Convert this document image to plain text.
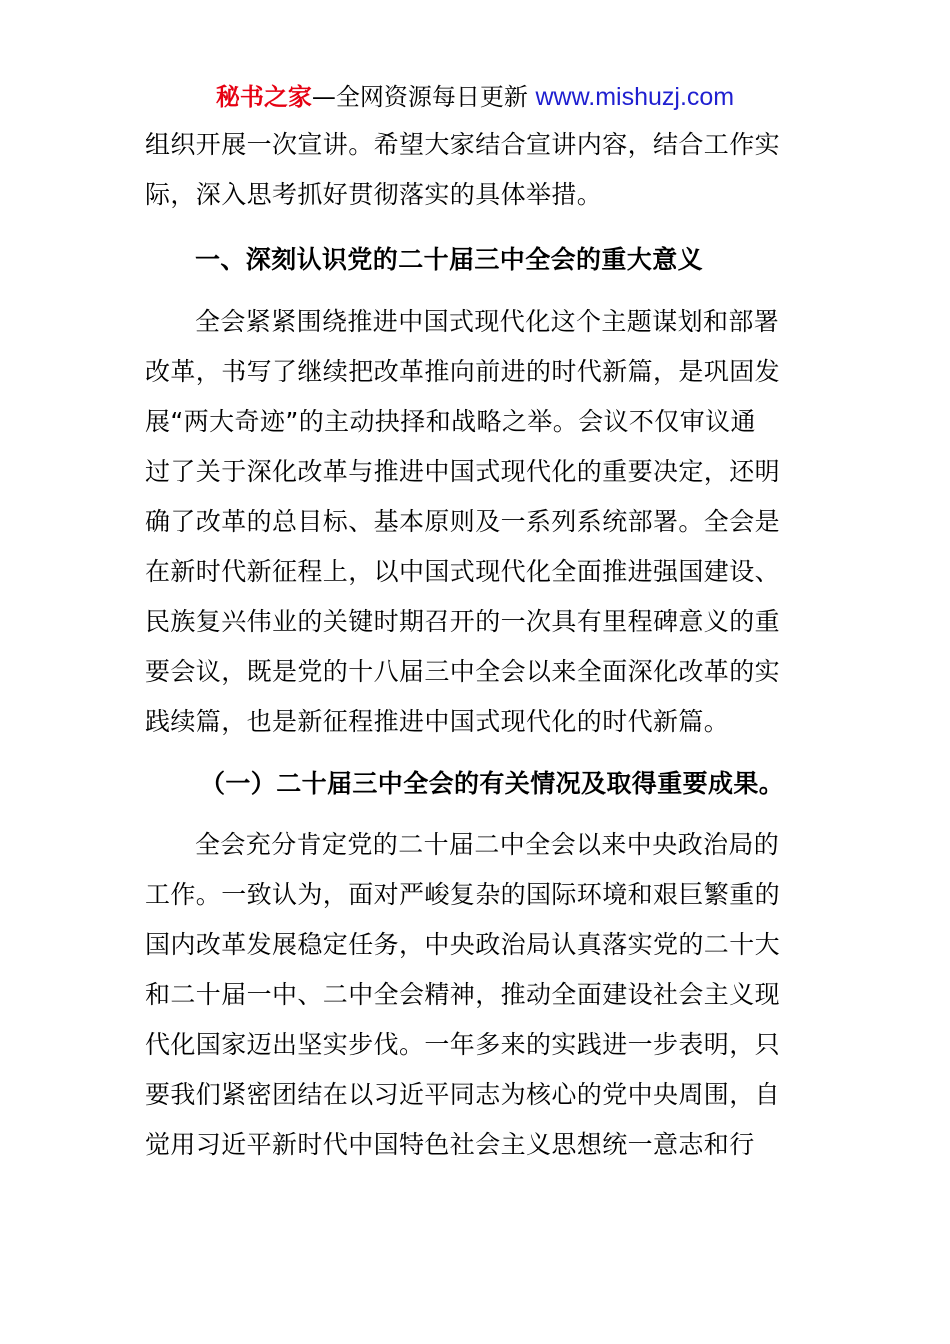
秘书之家—全网资源每日更新 www.mishuzj.com
组织开展一次宣讲。希望大家结合宣讲内容，结合工作实
际，深入思考抓好贯彻落实的具体举措。
一、深刻认识党的二十届三中全会的重大意义
全会紧紧围绕推进中国式现代化这个主题谋划和部署
改革，书写了继续把改革推向前进的时代新篇，是巩固发
展“两大奇迹”的主动抉择和战略之举。会议不仅审议通
过了关于深化改革与推进中国式现代化的重要决定，还明
确了改革的总目标、基本原则及一系列系统部署。全会是
在新时代新征程上，以中国式现代化全面推进强国建设、
民族复兴伟业的关键时期召开的一次具有里程碑意义的重
要会议，既是党的十八届三中全会以来全面深化改革的实
践续篇，也是新征程推进中国式现代化的时代新篇。
（一）二十届三中全会的有关情况及取得重要成果。
全会充分肯定党的二十届二中全会以来中央政治局的
工作。一致认为，面对严峻复杂的国际环境和艰巨繁重的
国内改革发展稳定任务，中央政治局认真落实党的二十大
和二十届一中、二中全会精神，推动全面建设社会主义现
代化国家迈出坚实步伐。一年多来的实践进一步表明，只
要我们紧密团结在以习近平同志为核心的党中央周围，自
觉用习近平新时代中国特色社会主义思想统一意志和行
